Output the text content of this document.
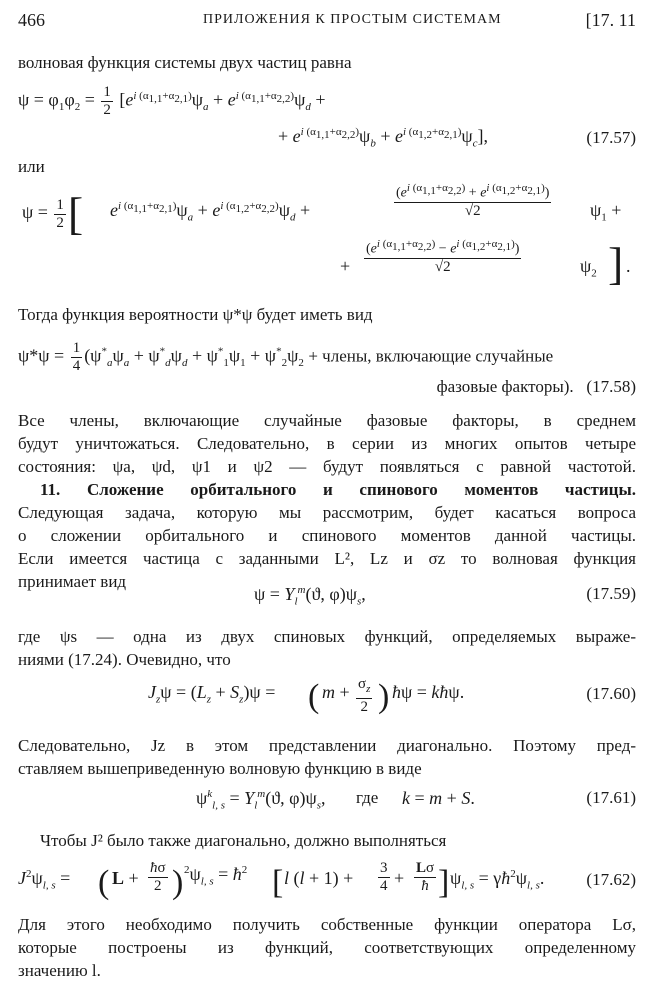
466	ПРИЛОЖЕНИЯ К ПРОСТЫМ СИСТЕМАМ	[17. 11
волновая функция системы двух частиц равна
$\psi = \varphi_1\varphi_2 = \frac{1}{2} [e^{i (\alpha_{1,1}+\alpha_{2,1})}\psi_a + e^{i (\alpha_{1,1}+\alpha_{2,2})}\psi_d$ +
+ $e^{i (\alpha_{1,1}+\alpha_{2,2})}\psi_b + e^{i (\alpha_{1,2}+\alpha_{2,1})}\psi_c$],	(17.57)
или
$\psi = \frac{1}{2}$ [ $e^{i (\alpha_{1,1}+\alpha_{2,1})}\psi_a + e^{i (\alpha_{1,2}+\alpha_{2,2})}\psi_d$ +	$\frac{(e^{i (\alpha_{1,1}+\alpha_{2,2})} + e^{i (\alpha_{1,2}+\alpha_{2,1})})}{√2} \psi_1$ +
+ $\frac{(e^{i (\alpha_{1,1}+\alpha_{2,2})} - e^{i (\alpha_{1,2}+\alpha_{2,1})})}{√2}$	$\psi_2$ ] .
Тогда функция вероятности ψ*ψ будет иметь вид
$\psi*\psi = \frac{1}{4} (\psi^*_a\psi_a + \psi^*_d\psi_d + \psi^*_1\psi_1 + \psi^*_2\psi_2$ + члены, включающие случайные
фазовые факторы). (17.58)
Все члены, включающие случайные фазовые факторы, в среднем
будут уничтожаться. Следовательно, в серии из многих опытов четыре
состояния: ψa, ψd, ψ1 и ψ2 — будут появляться с равной частотой.
11. Сложение орбитального и спинового моментов частицы.
Следующая задача, которую мы рассмотрим, будет касаться вопроса
о сложении орбитального и спинового моментов данной частицы.
Если имеется частица с заданными L², Lz и σz то волновая функция
принимает вид
$\psi = Y_l^m(ϑ$, $\varphi)\psi_s$,	(17.59)
где ψs — одна из двух спиновых функций, определяемых выраже-
ниями (17.24). Очевидно, что
$J_z\psi = (L_z + S_z)\psi$ = ( $m + \frac{\sigma_z}{2}$ ) ħψ = kħψ.	(17.60)
Следовательно, Jz в этом представлении диагонально. Поэтому пред-
ставляем вышеприведенную волновую функцию в виде
$\psi^k_{l, s} = Y_l^m(ϑ$, $\varphi)\psi_s$, где k = m + S.	(17.61)
Чтобы J² было также диагонально, должно выполняться
$J^2\psi_{l, s}$ = ( $L + \frac{ħ\sigma}{2}$ ) $^2\psi_{l, s}$ = $ħ^2$ [ l $(l + 1) + \frac{3}{4} + \frac{L\sigma}{ħ}$ ] $\psi_{l, s}$ = $\gamma ħ^2\psi_{l, s}$. (17.62)
Для этого необходимо получить собственные функции оператора Lσ,
которые построены из функций, соответствующих определенному
значению l.
